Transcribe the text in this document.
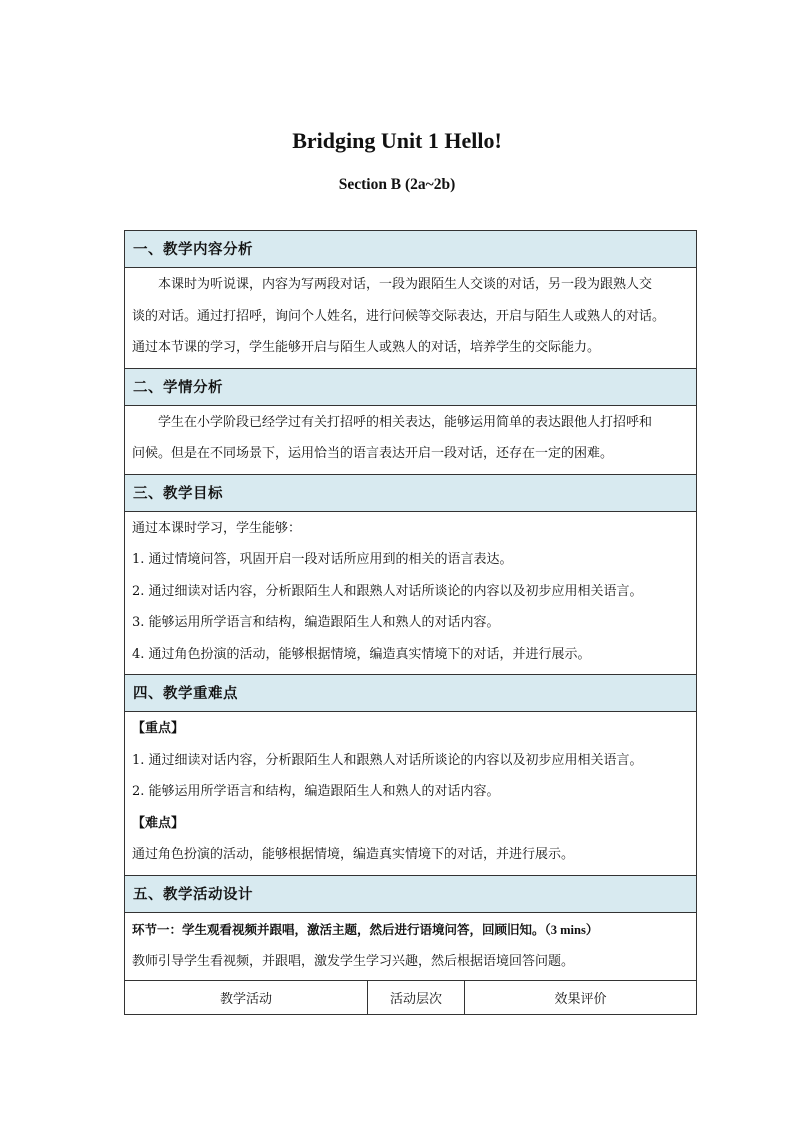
Bridging Unit 1 Hello!
Section B (2a~2b)
一、教学内容分析

本课时为听说课，内容为写两段对话，一段为跟陌生人交谈的对话，另一段为跟熟人交

谈的对话。通过打招呼，询问个人姓名，进行问候等交际表达，开启与陌生人或熟人的对话。

通过本节课的学习，学生能够开启与陌生人或熟人的对话，培养学生的交际能力。

二、学情分析

学生在小学阶段已经学过有关打招呼的相关表达，能够运用简单的表达跟他人打招呼和

问候。但是在不同场景下，运用恰当的语言表达开启一段对话，还存在一定的困难。

三、教学目标

通过本课时学习，学生能够：

1. 通过情境问答，巩固开启一段对话所应用到的相关的语言表达。

2. 通过细读对话内容，分析跟陌生人和跟熟人对话所谈论的内容以及初步应用相关语言。

3. 能够运用所学语言和结构，编造跟陌生人和熟人的对话内容。

4. 通过角色扮演的活动，能够根据情境，编造真实情境下的对话，并进行展示。

四、教学重难点

【重点】

1. 通过细读对话内容，分析跟陌生人和跟熟人对话所谈论的内容以及初步应用相关语言。

2. 能够运用所学语言和结构，编造跟陌生人和熟人的对话内容。

【难点】

通过角色扮演的活动，能够根据情境，编造真实情境下的对话，并进行展示。

五、教学活动设计

环节一：学生观看视频并跟唱，激活主题，然后进行语境问答，回顾旧知。（3 mins）

教师引导学生看视频，并跟唱，激发学生学习兴趣，然后根据语境回答问题。

教学活动	活动层次	效果评价
